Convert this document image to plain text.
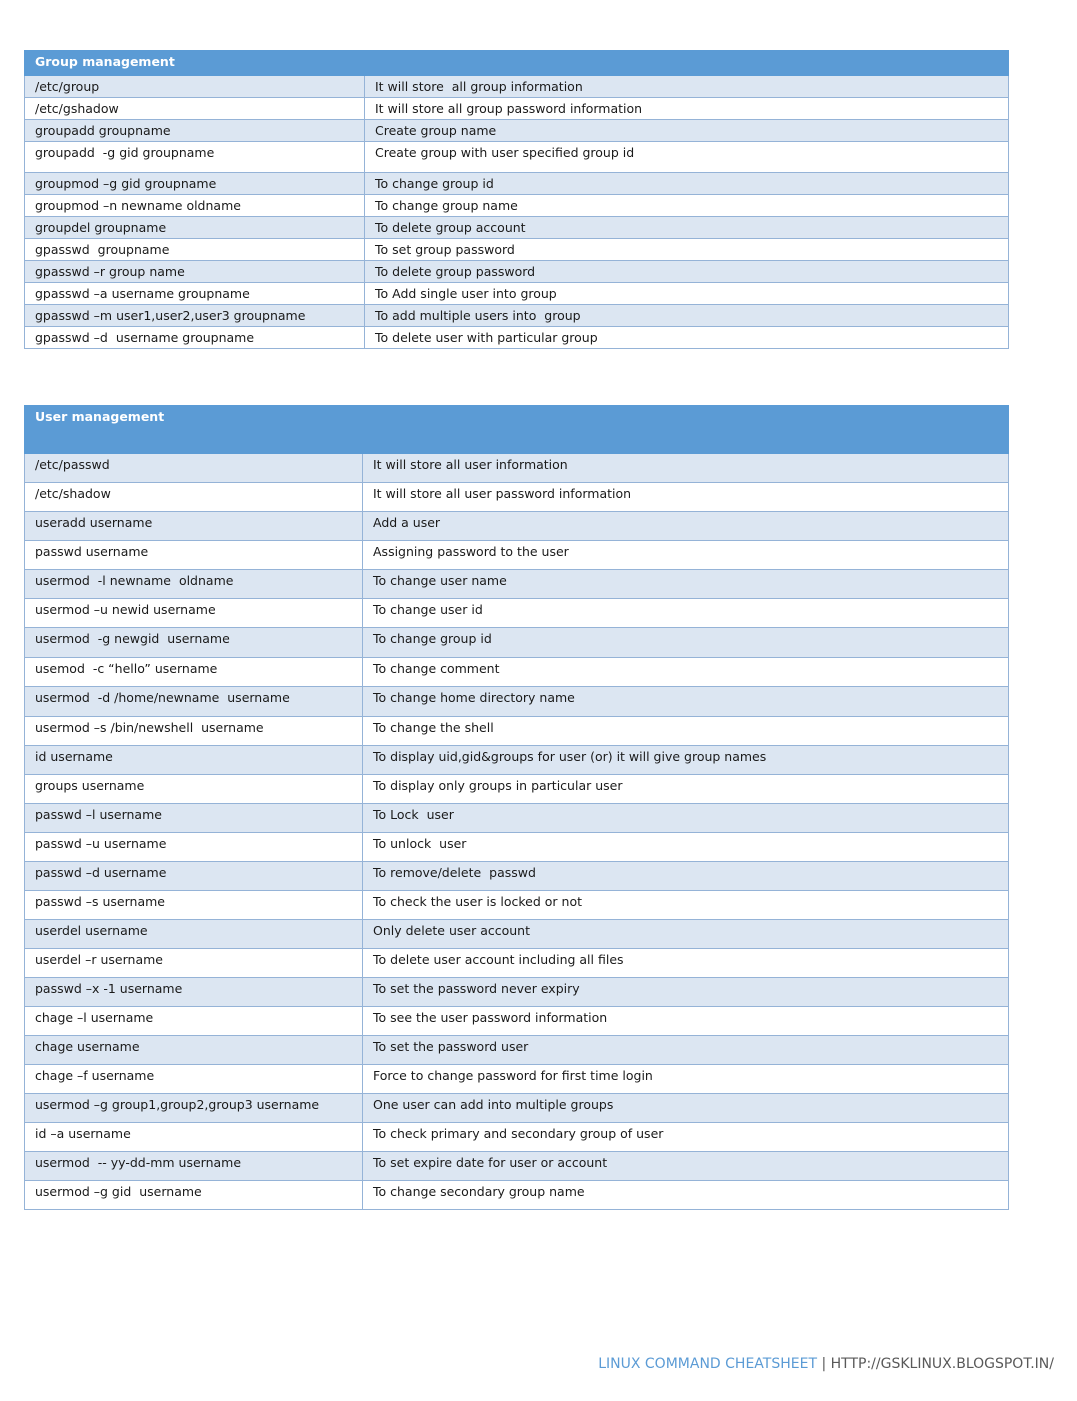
Group management	
/etc/group	It will store  all group information
/etc/gshadow	It will store all group password information
groupadd groupname	Create group name
groupadd  -g gid groupname	Create group with user specified group id
groupmod –g gid groupname	To change group id
groupmod –n newname oldname	To change group name
groupdel groupname	To delete group account
gpasswd  groupname	To set group password
gpasswd –r group name	To delete group password
gpasswd –a username groupname	To Add single user into group
gpasswd –m user1,user2,user3 groupname	To add multiple users into  group
gpasswd –d  username groupname	To delete user with particular group
User management	
/etc/passwd	It will store all user information
/etc/shadow	It will store all user password information
useradd username	Add a user
passwd username	Assigning password to the user
usermod  -l newname  oldname	To change user name
usermod –u newid username	To change user id
usermod  -g newgid  username	To change group id
usemod  -c “hello” username	To change comment
usermod  -d /home/newname  username	To change home directory name
usermod –s /bin/newshell  username	To change the shell
id username	To display uid,gid&groups for user (or) it will give group names
groups username	To display only groups in particular user
passwd –l username	To Lock  user
passwd –u username	To unlock  user
passwd –d username	To remove/delete  passwd
passwd –s username	To check the user is locked or not
userdel username	Only delete user account
userdel –r username	To delete user account including all files
passwd –x -1 username	To set the password never expiry
chage –l username	To see the user password information
chage username	To set the password user
chage –f username	Force to change password for first time login
usermod –g group1,group2,group3 username	One user can add into multiple groups
id –a username	To check primary and secondary group of user
usermod  -- yy-dd-mm username	To set expire date for user or account
usermod –g gid  username	To change secondary group name
LINUX COMMAND CHEATSHEET | HTTP://GSKLINUX.BLOGSPOT.IN/
